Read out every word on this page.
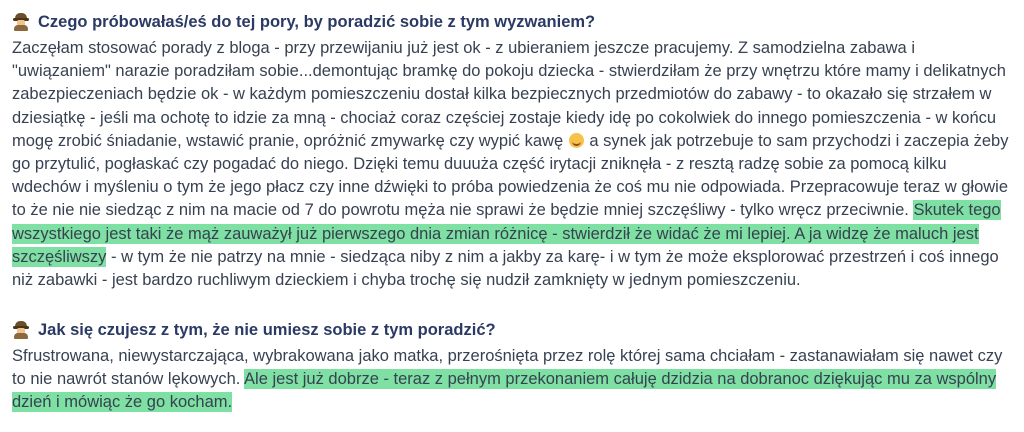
Czego próbowałaś/eś do tej pory, by poradzić sobie z tym wyzwaniem?
Zaczęłam stosować porady z bloga - przy przewijaniu już jest ok - z ubieraniem jeszcze pracujemy. Z samodzielna zabawa i "uwiązaniem" narazie poradziłam sobie...demontując bramkę do pokoju dziecka - stwierdziłam że przy wnętrzu które mamy i delikatnych zabezpieczeniach będzie ok - w każdym pomieszczeniu dostał kilka bezpiecznych przedmiotów do zabawy - to okazało się strzałem w dziesiątkę - jeśli ma ochotę to idzie za mną - chociaż coraz częściej zostaje kiedy idę po cokolwiek do innego pomieszczenia - w końcu mogę zrobić śniadanie, wstawić pranie, opróżnić zmywarkę czy wypić kawę  a synek jak potrzebuje to sam przychodzi i zaczepia żeby go przytulić, pogłaskać czy pogadać do niego. Dzięki temu duuuża część irytacji zniknęła - z resztą radzę sobie za pomocą kilku wdechów i myśleniu o tym że jego płacz czy inne dźwięki to próba powiedzenia że coś mu nie odpowiada. Przepracowuje teraz w głowie to że nie nie siedząc z nim na macie od 7 do powrotu męża nie sprawi że będzie mniej szczęśliwy - tylko wręcz przeciwnie. Skutek tego wszystkiego jest taki że mąż zauważył już pierwszego dnia zmian różnicę - stwierdził że widać że mi lepiej. A ja widzę że maluch jest szczęśliwszy - w tym że nie patrzy na mnie - siedząca niby z nim a jakby za karę- i w tym że może eksplorować przestrzeń i coś innego niż zabawki - jest bardzo ruchliwym dzieckiem i chyba trochę się nudził zamknięty w jednym pomieszczeniu.
Jak się czujesz z tym, że nie umiesz sobie z tym poradzić?
Sfrustrowana, niewystarczająca, wybrakowana jako matka, przerośnięta przez rolę której sama chciałam - zastanawiałam się nawet czy to nie nawrót stanów lękowych. Ale jest już dobrze - teraz z pełnym przekonaniem całuję dzidzia na dobranoc dziękując mu za wspólny dzień i mówiąc że go kocham.
